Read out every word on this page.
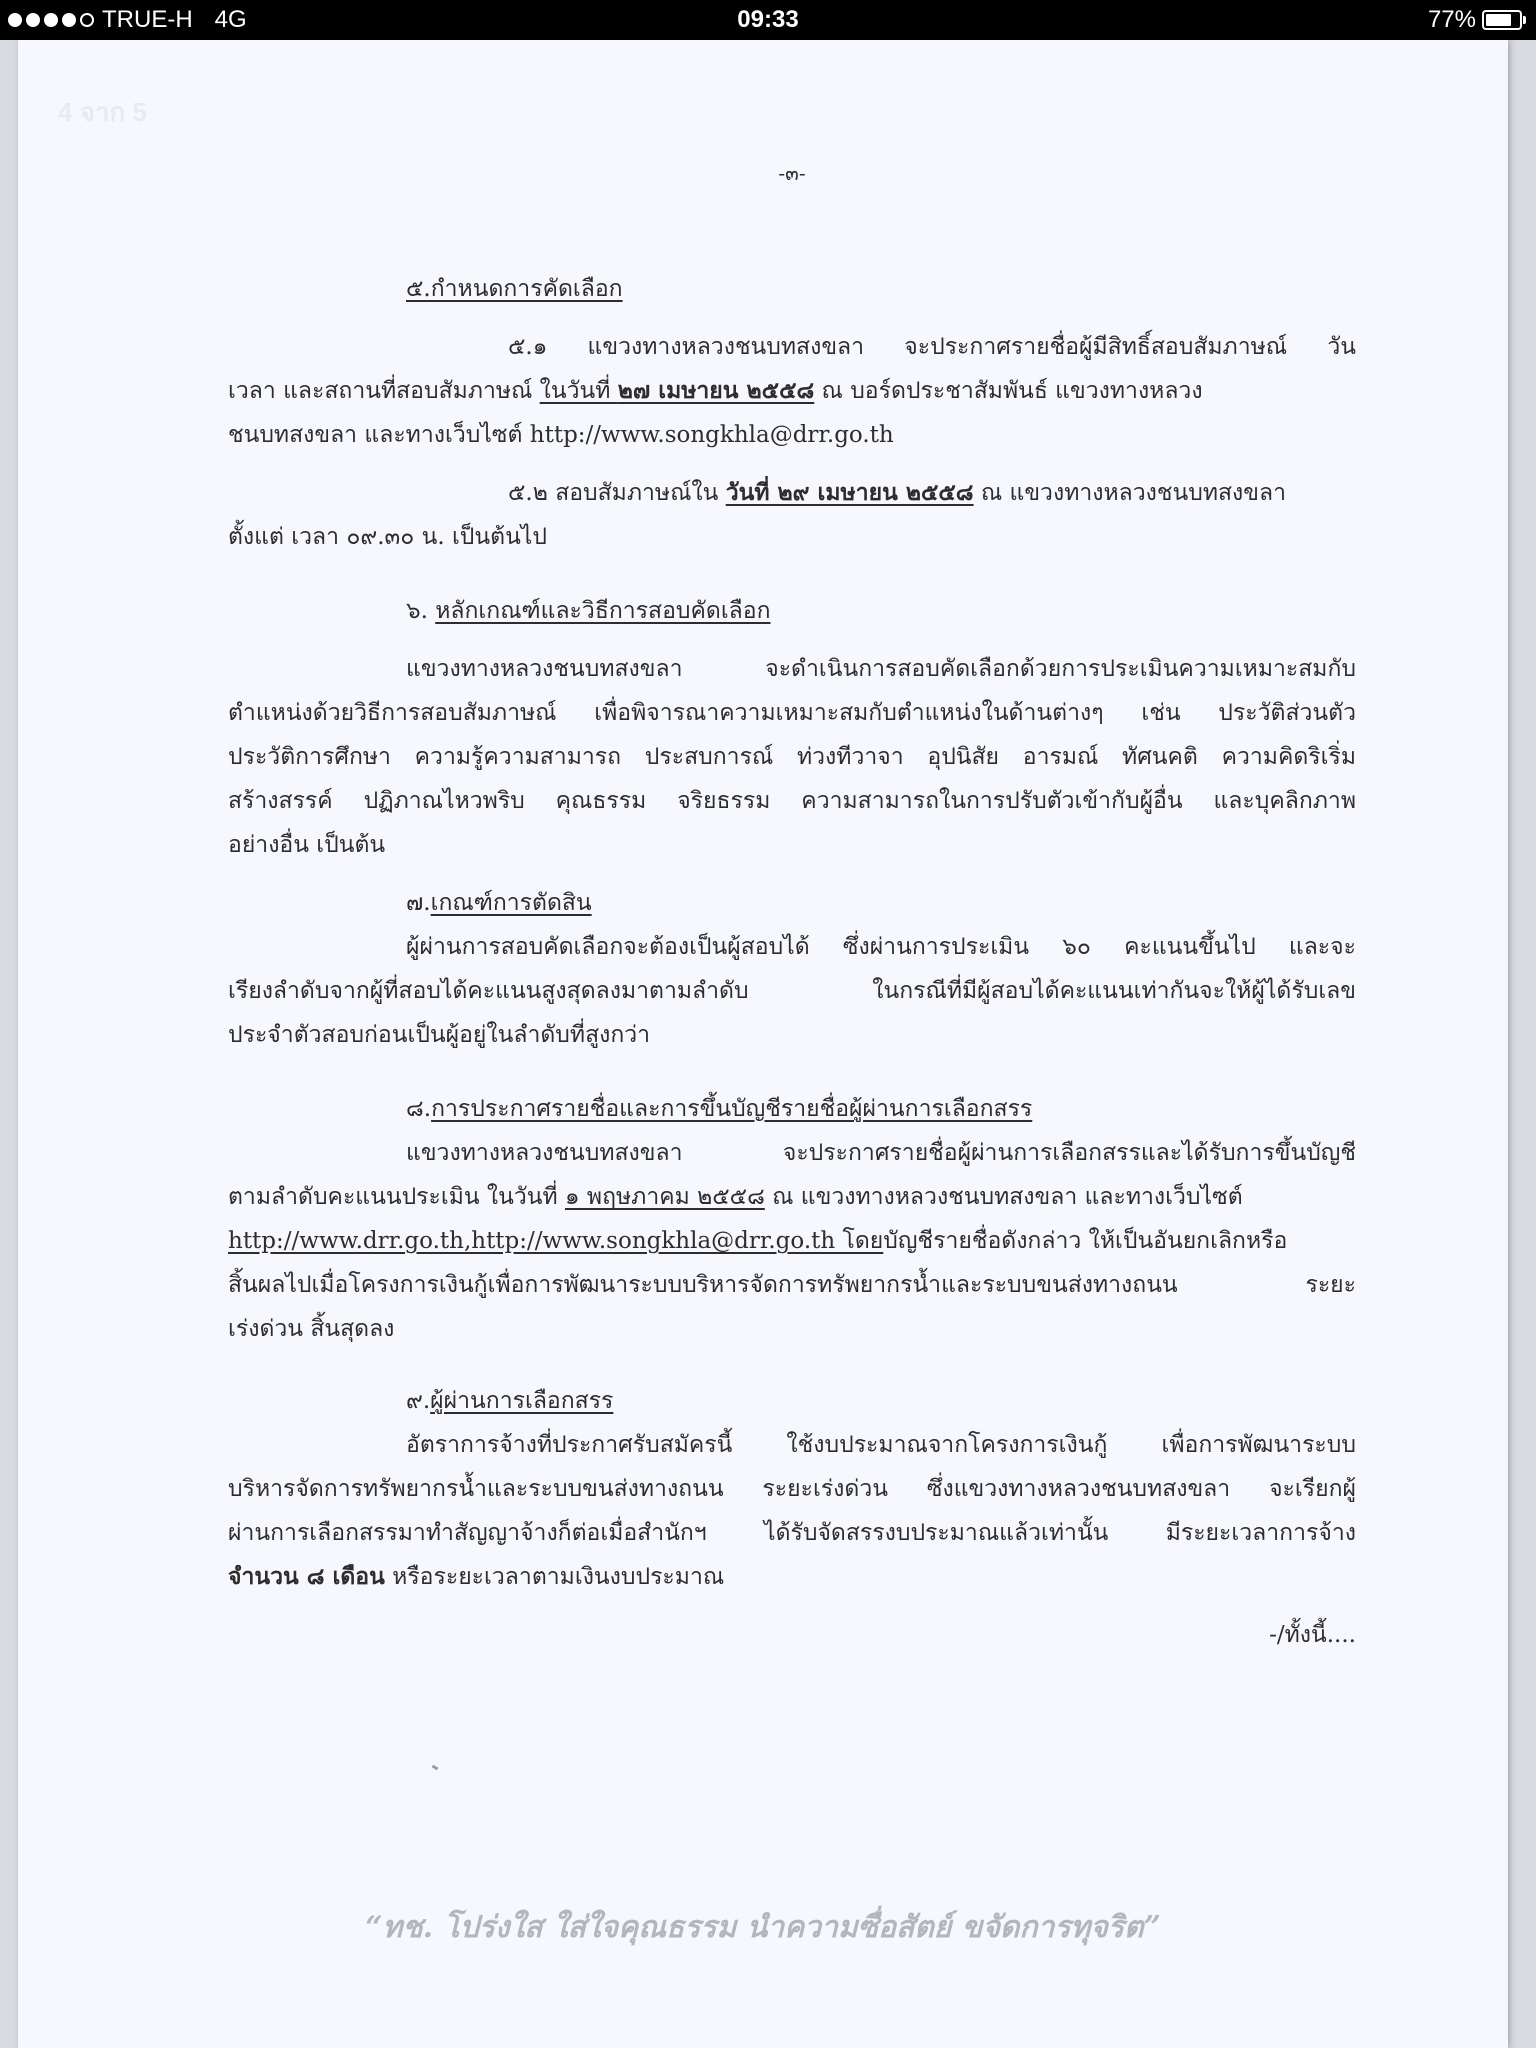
TRUE-H 4G	09:33	77%
4 จาก 5
-๓-
๕.กำหนดการคัดเลือก
๕.๑ แขวงทางหลวงชนบทสงขลา จะประกาศรายชื่อผู้มีสิทธิ์สอบสัมภาษณ์ วัน
เวลา และสถานที่สอบสัมภาษณ์ ในวันที่ ๒๗ เมษายน ๒๕๕๘ ณ บอร์ดประชาสัมพันธ์ แขวงทางหลวง
ชนบทสงขลา และทางเว็บไซต์ http://www.songkhla@drr.go.th
๕.๒ สอบสัมภาษณ์ใน วันที่ ๒๙ เมษายน ๒๕๕๘ ณ แขวงทางหลวงชนบทสงขลา
ตั้งแต่ เวลา ๐๙.๓๐ น. เป็นต้นไป
๖. หลักเกณฑ์และวิธีการสอบคัดเลือก
แขวงทางหลวงชนบทสงขลา จะดำเนินการสอบคัดเลือกด้วยการประเมินความเหมาะสมกับ
ตำแหน่งด้วยวิธีการสอบสัมภาษณ์ เพื่อพิจารณาความเหมาะสมกับตำแหน่งในด้านต่างๆ เช่น ประวัติส่วนตัว
ประวัติการศึกษา ความรู้ความสามารถ ประสบการณ์ ท่วงทีวาจา อุปนิสัย อารมณ์ ทัศนคติ ความคิดริเริ่ม
สร้างสรรค์ ปฏิภาณไหวพริบ คุณธรรม จริยธรรม ความสามารถในการปรับตัวเข้ากับผู้อื่น และบุคลิกภาพ
อย่างอื่น เป็นต้น
๗.เกณฑ์การตัดสิน
ผู้ผ่านการสอบคัดเลือกจะต้องเป็นผู้สอบได้ ซึ่งผ่านการประเมิน ๖๐ คะแนนขึ้นไป และจะ
เรียงลำดับจากผู้ที่สอบได้คะแนนสูงสุดลงมาตามลำดับ ในกรณีที่มีผู้สอบได้คะแนนเท่ากันจะให้ผู้ได้รับเลข
ประจำตัวสอบก่อนเป็นผู้อยู่ในลำดับที่สูงกว่า
๘.การประกาศรายชื่อและการขึ้นบัญชีรายชื่อผู้ผ่านการเลือกสรร
แขวงทางหลวงชนบทสงขลา จะประกาศรายชื่อผู้ผ่านการเลือกสรรและได้รับการขึ้นบัญชี
ตามลำดับคะแนนประเมิน ในวันที่ ๑ พฤษภาคม ๒๕๕๘ ณ แขวงทางหลวงชนบทสงขลา และทางเว็บไซต์
http://www.drr.go.th,http://www.songkhla@drr.go.th โดยบัญชีรายชื่อดังกล่าว ให้เป็นอันยกเลิกหรือ
สิ้นผลไปเมื่อโครงการเงินกู้เพื่อการพัฒนาระบบบริหารจัดการทรัพยากรน้ำและระบบขนส่งทางถนน ระยะ
เร่งด่วน สิ้นสุดลง
๙.ผู้ผ่านการเลือกสรร
อัตราการจ้างที่ประกาศรับสมัครนี้ ใช้งบประมาณจากโครงการเงินกู้ เพื่อการพัฒนาระบบ
บริหารจัดการทรัพยากรน้ำและระบบขนส่งทางถนน ระยะเร่งด่วน ซึ่งแขวงทางหลวงชนบทสงขลา จะเรียกผู้
ผ่านการเลือกสรรมาทำสัญญาจ้างก็ต่อเมื่อสำนักฯ ได้รับจัดสรรงบประมาณแล้วเท่านั้น มีระยะเวลาการจ้าง
จำนวน ๘ เดือน หรือระยะเวลาตามเงินงบประมาณ
-/ทั้งนี้....
“ทช. โปร่งใส ใส่ใจคุณธรรม นำความซื่อสัตย์ ขจัดการทุจริต”
